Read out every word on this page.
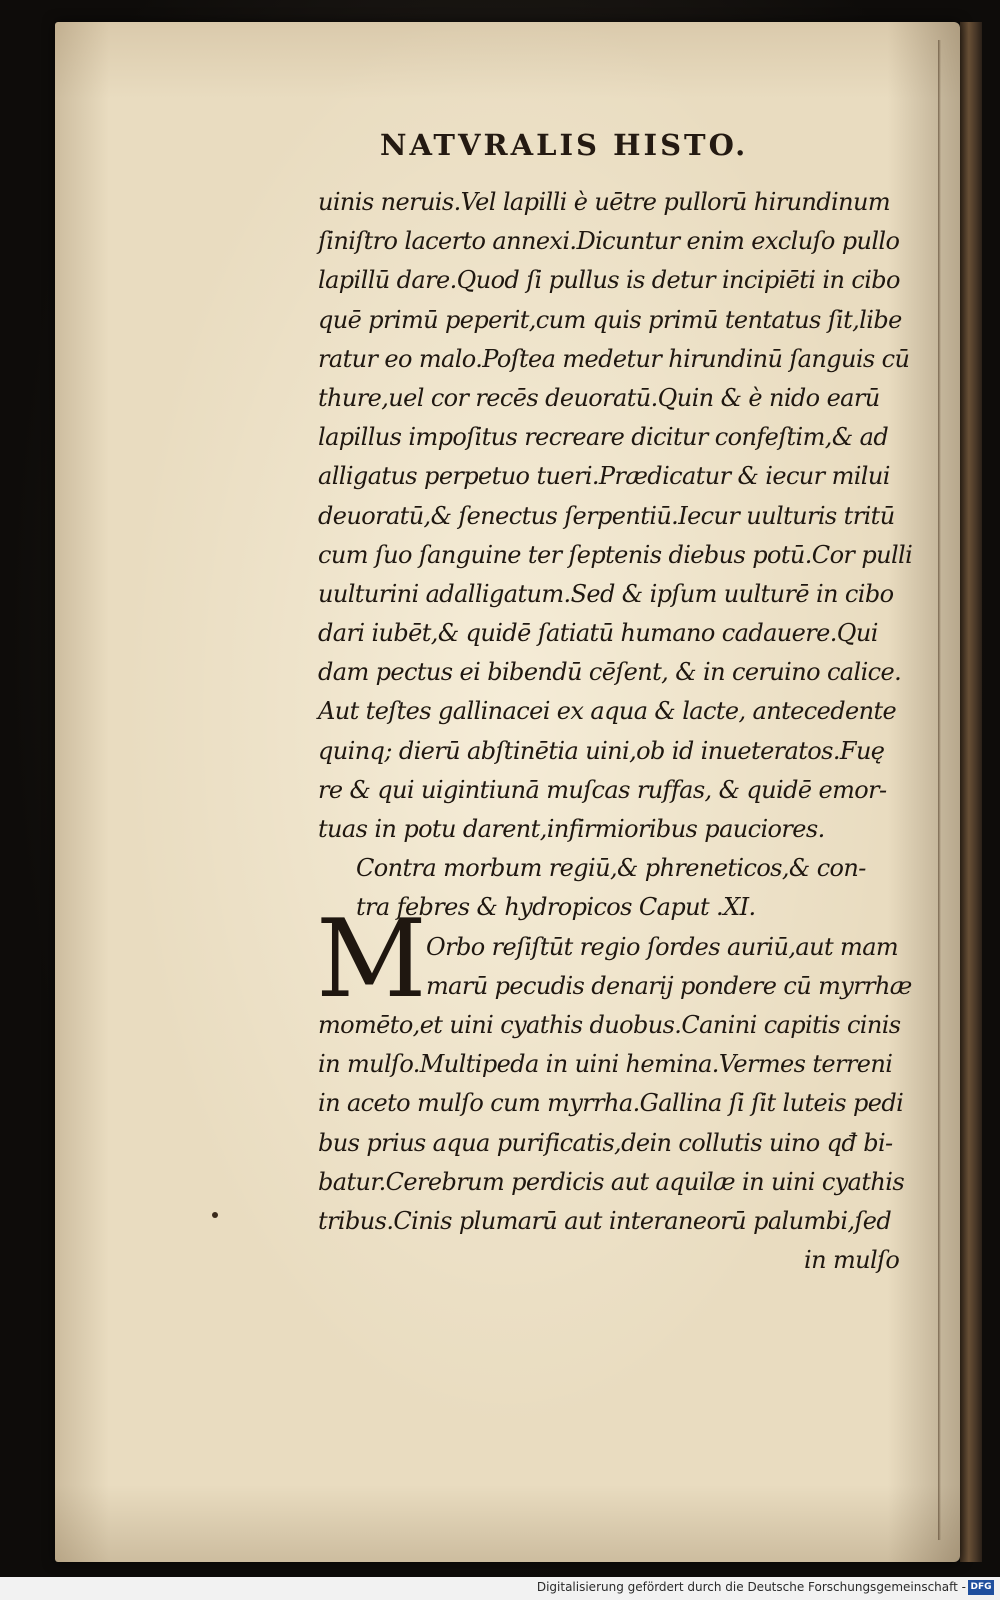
NATVRALIS HISTO.
uinis neruis.Vel lapilli è uētre pullorū hirundinum
ſiniſtro lacerto annexi.Dicuntur enim excluſo pullo
lapillū dare.Quod ſi pullus is detur incipiēti in cibo
quē primū peperit,cum quis primū tentatus ſit,libe
ratur eo malo.Poſtea medetur hirundinū ſanguis cū
thure,uel cor recēs deuoratū.Quin & è nido earū
lapillus impoſitus recreare dicitur confeſtim,& ad
alligatus perpetuo tueri.Prædicatur & iecur milui
deuoratū,& ſenectus ſerpentiū.Iecur uulturis tritū
cum ſuo ſanguine ter ſeptenis diebus potū.Cor pulli
uulturini adalligatum.Sed & ipſum uulturē in cibo
dari iubēt,& quidē ſatiatū humano cadauere.Qui
dam pectus ei bibendū cēſent, & in ceruino calice.
Aut teſtes gallinacei ex aqua & lacte, antecedente
quinq; dierū abſtinētia uini,ob id inueteratos.Fuę
re & qui uigintiunā muſcas ruffas, & quidē emor-
tuas in potu darent,infirmioribus pauciores.
Contra morbum regiū,& phreneticos,& con-
tra febres & hydropicos Caput .XI.
Orbo reſiſtūt regio ſordes auriū,aut mam
marū pecudis denarij pondere cū myrrhæ
momēto,et uini cyathis duobus.Canini capitis cinis
in mulſo.Multipeda in uini hemina.Vermes terreni
in aceto mulſo cum myrrha.Gallina ſi ſit luteis pedi
bus prius aqua purificatis,dein collutis uino qđ bi-
batur.Cerebrum perdicis aut aquilæ in uini cyathis
tribus.Cinis plumarū aut interaneorū palumbi,ſed
in mulſo
M
Digitalisierung gefördert durch die Deutsche Forschungsgemeinschaft - DFG
